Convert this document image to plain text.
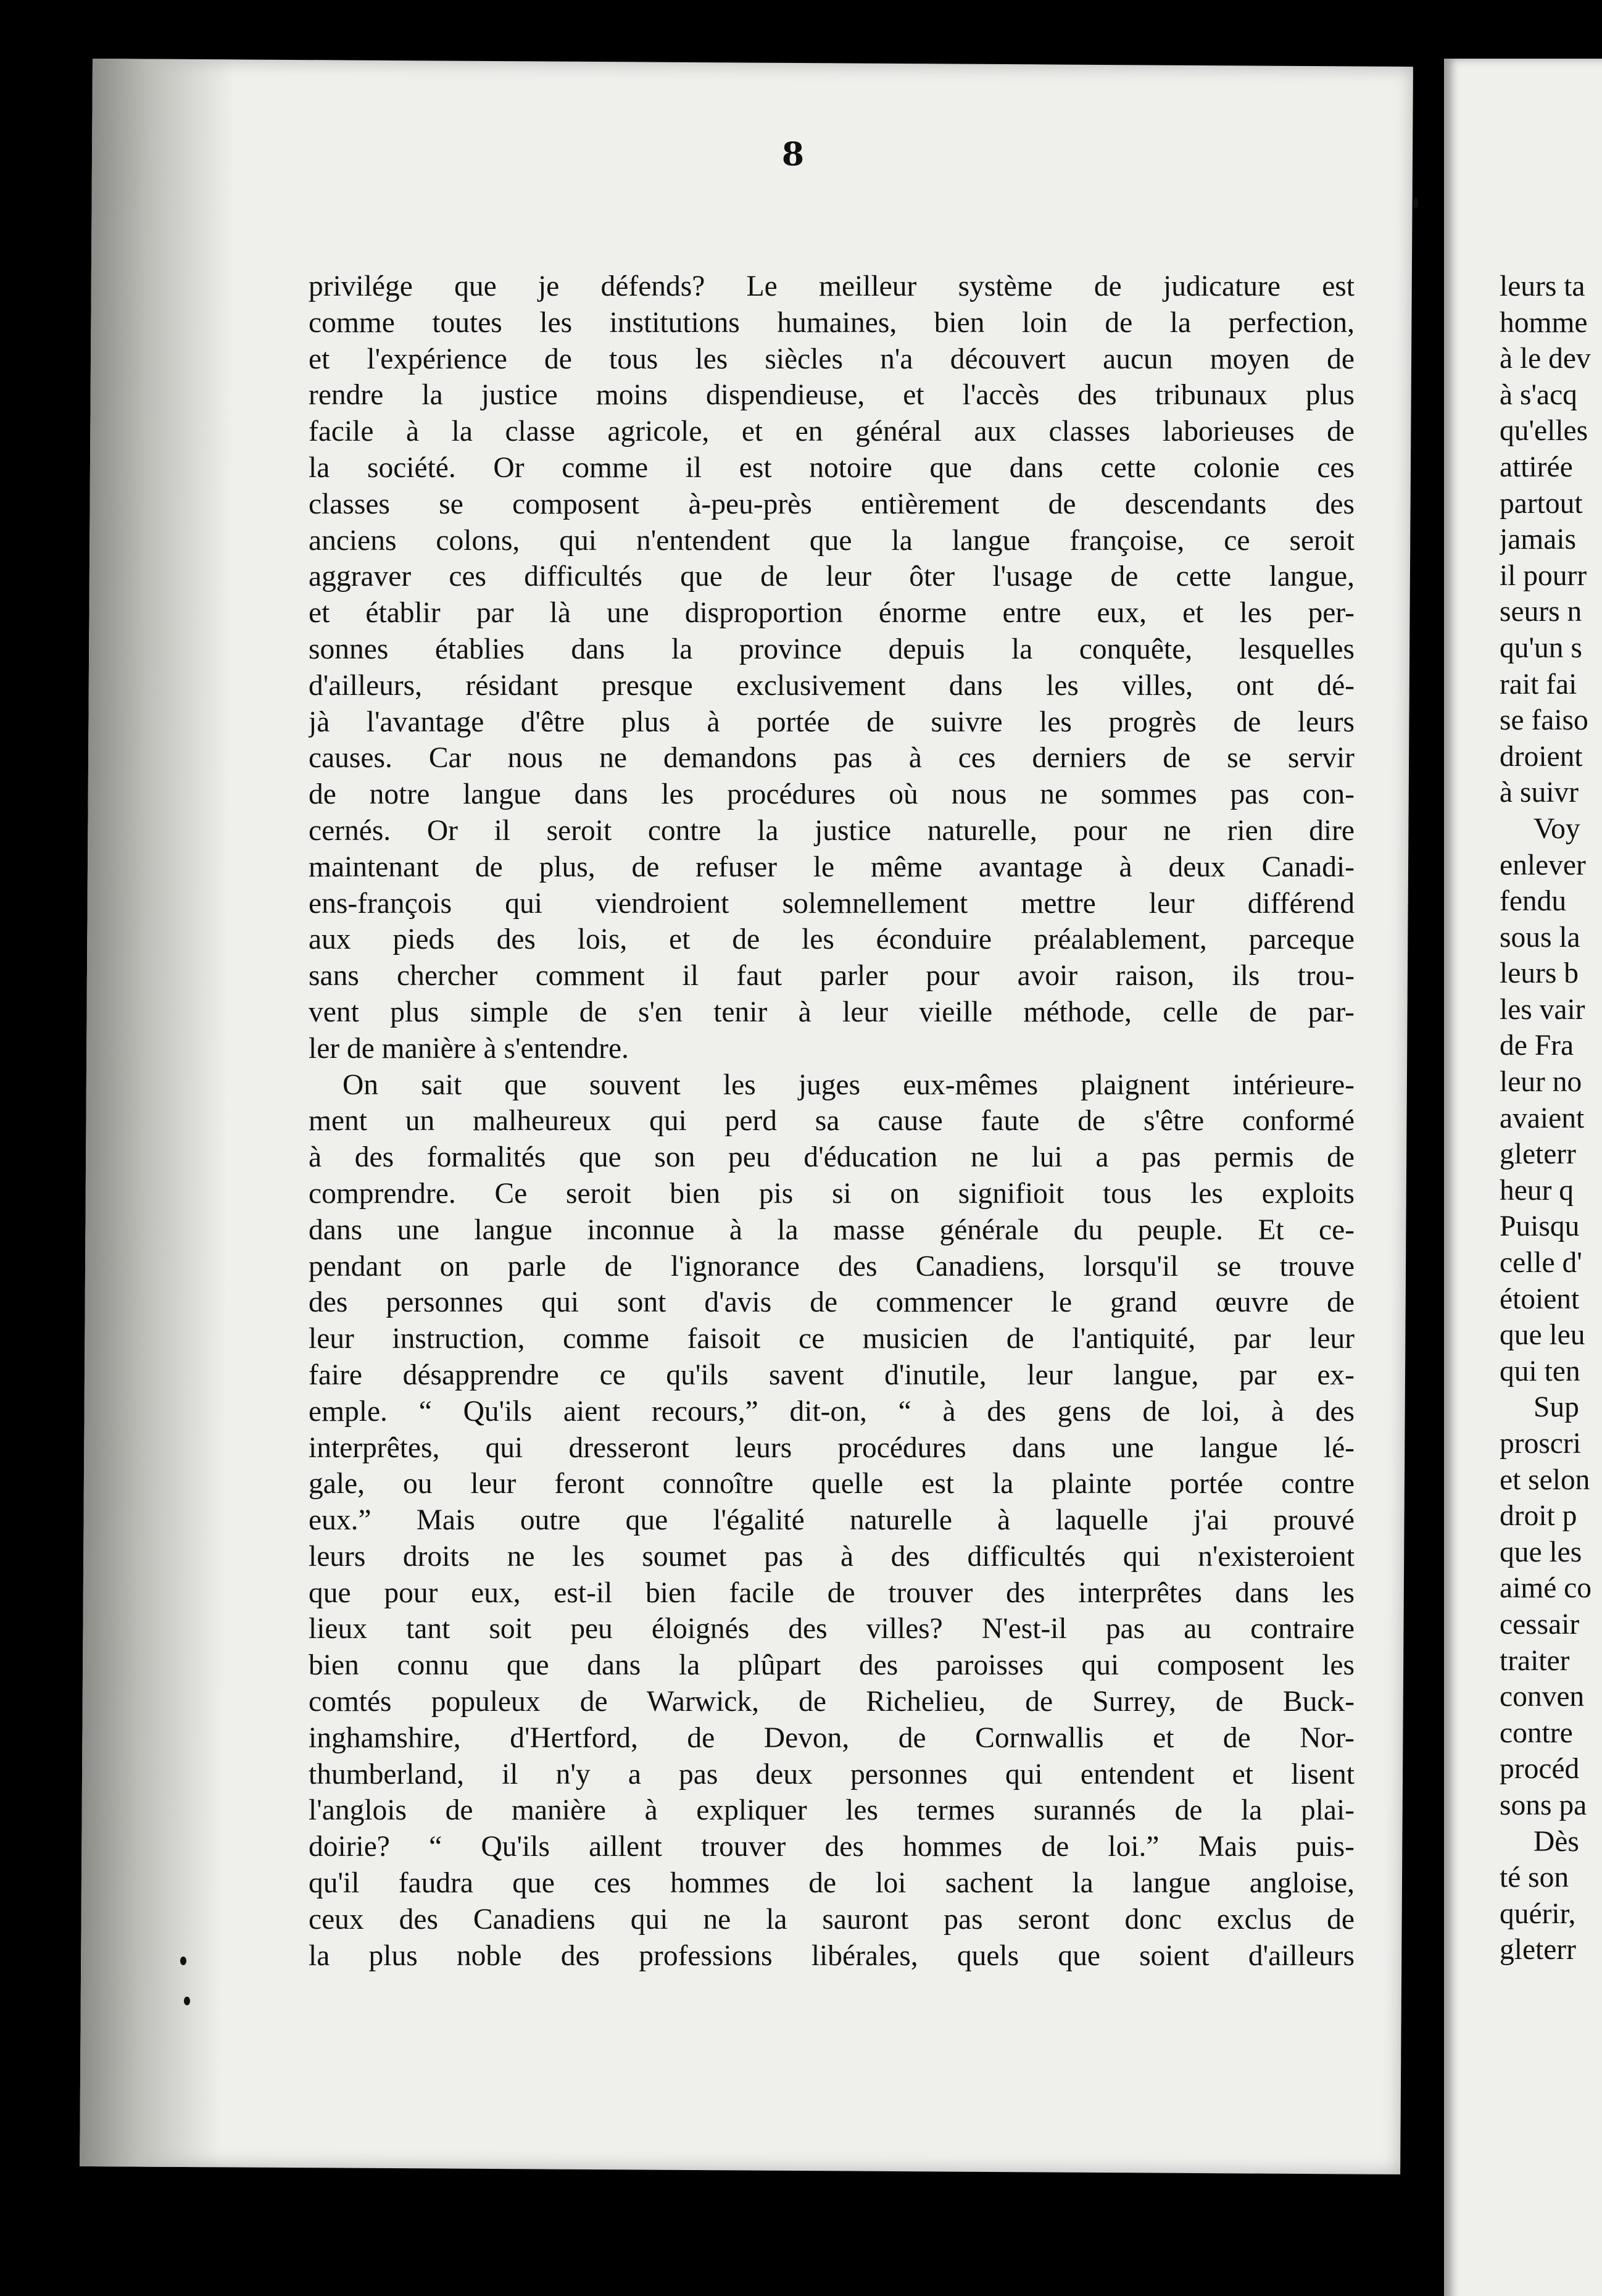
8
privilége que je défends? Le meilleur système de judicature est
comme toutes les institutions humaines, bien loin de la perfection,
et l'expérience de tous les siècles n'a découvert aucun moyen de
rendre la justice moins dispendieuse, et l'accès des tribunaux plus
facile à la classe agricole, et en général aux classes laborieuses de
la société. Or comme il est notoire que dans cette colonie ces
classes se composent à-peu-près entièrement de descendants des
anciens colons, qui n'entendent que la langue françoise, ce seroit
aggraver ces difficultés que de leur ôter l'usage de cette langue,
et établir par là une disproportion énorme entre eux, et les per-
sonnes établies dans la province depuis la conquête, lesquelles
d'ailleurs, résidant presque exclusivement dans les villes, ont dé-
jà l'avantage d'être plus à portée de suivre les progrès de leurs
causes. Car nous ne demandons pas à ces derniers de se servir
de notre langue dans les procédures où nous ne sommes pas con-
cernés. Or il seroit contre la justice naturelle, pour ne rien dire
maintenant de plus, de refuser le même avantage à deux Canadi-
ens-françois qui viendroient solemnellement mettre leur différend
aux pieds des lois, et de les éconduire préalablement, parceque
sans chercher comment il faut parler pour avoir raison, ils trou-
vent plus simple de s'en tenir à leur vieille méthode, celle de par-
ler de manière à s'entendre.
On sait que souvent les juges eux-mêmes plaignent intérieure-
ment un malheureux qui perd sa cause faute de s'être conformé
à des formalités que son peu d'éducation ne lui a pas permis de
comprendre. Ce seroit bien pis si on signifioit tous les exploits
dans une langue inconnue à la masse générale du peuple. Et ce-
pendant on parle de l'ignorance des Canadiens, lorsqu'il se trouve
des personnes qui sont d'avis de commencer le grand œuvre de
leur instruction, comme faisoit ce musicien de l'antiquité, par leur
faire désapprendre ce qu'ils savent d'inutile, leur langue, par ex-
emple. “ Qu'ils aient recours,” dit-on, “ à des gens de loi, à des
interprêtes, qui dresseront leurs procédures dans une langue lé-
gale, ou leur feront connoître quelle est la plainte portée contre
eux.” Mais outre que l'égalité naturelle à laquelle j'ai prouvé
leurs droits ne les soumet pas à des difficultés qui n'existeroient
que pour eux, est-il bien facile de trouver des interprêtes dans les
lieux tant soit peu éloignés des villes? N'est-il pas au contraire
bien connu que dans la plûpart des paroisses qui composent les
comtés populeux de Warwick, de Richelieu, de Surrey, de Buck-
inghamshire, d'Hertford, de Devon, de Cornwallis et de Nor-
thumberland, il n'y a pas deux personnes qui entendent et lisent
l'anglois de manière à expliquer les termes surannés de la plai-
doirie? “ Qu'ils aillent trouver des hommes de loi.” Mais puis-
qu'il faudra que ces hommes de loi sachent la langue angloise,
ceux des Canadiens qui ne la sauront pas seront donc exclus de
la plus noble des professions libérales, quels que soient d'ailleurs
leurs ta
homme
à le dev
à s'acq
qu'elles
attirée
partout
jamais
il pourr
seurs n
qu'un s
rait fai
se faiso
droient
à suivr
Voy
enlever
fendu
sous la
leurs b
les vair
de Fra
leur no
avaient
gleterr
heur q
Puisqu
celle d'
étoient
que leu
qui ten
Sup
proscri
et selon
droit p
que les
aimé co
cessair
traiter
conven
contre
procéd
sons pa
Dès
té son
quérir,
gleterr
